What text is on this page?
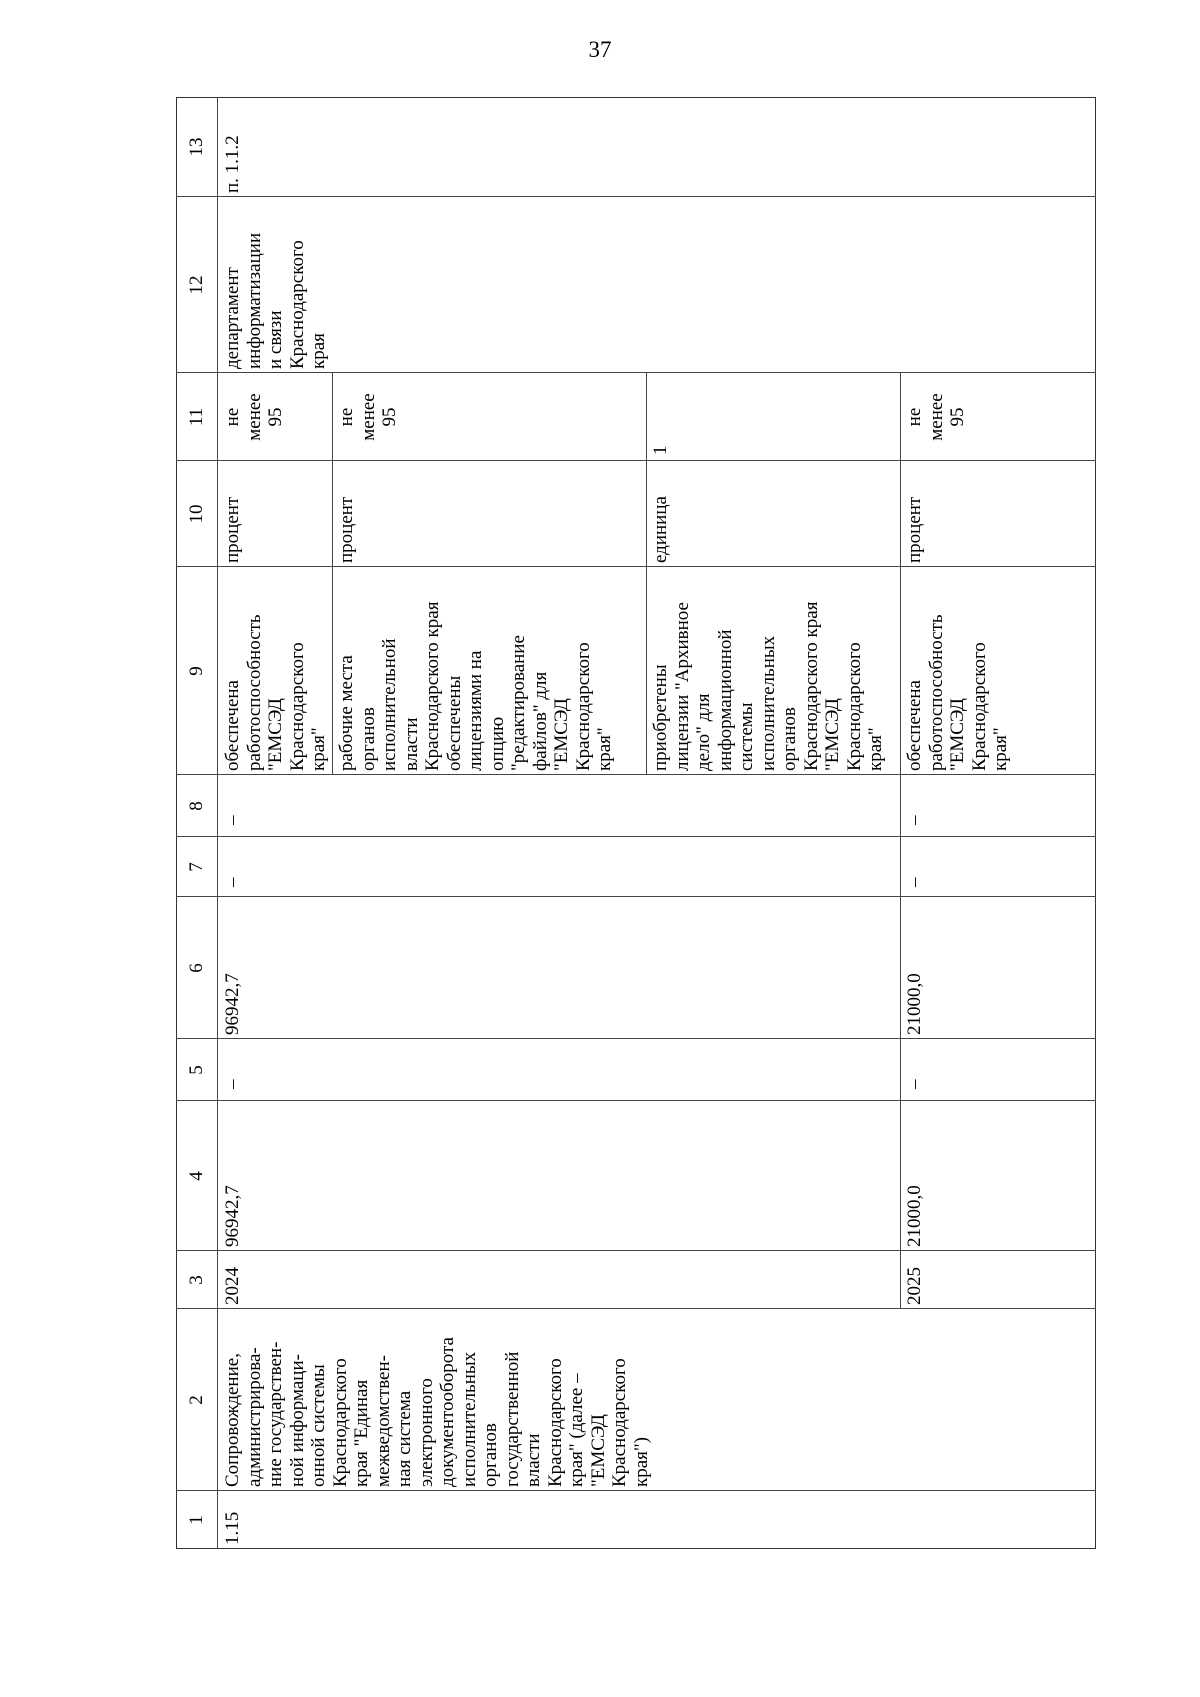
37
1
2
3
4
5
6
7
8
9
10
11
12
13
1.15
Сопровождение,
администрирова-
ние государствен-
ной информаци-
онной системы
Краснодарского
края "Единая
межведомствен-
ная система
электронного
документооборота
исполнительных
органов
государственной
власти
Краснодарского
края" (далее –
"ЕМСЭД
Краснодарского
края")
2024
96942,7
–
96942,7
–
–
обеспечена
работоспособность
"ЕМСЭД
Краснодарского
края"
процент
не
менее
95
рабочие места
органов
исполнительной
власти
Краснодарского края
обеспечены
лицензиями на
опцию
"редактирование
файлов" для
"ЕМСЭД
Краснодарского
края"
процент
не
менее
95
приобретены
лицензии "Архивное
дело" для
информационной
системы
исполнительных
органов
Краснодарского края
"ЕМСЭД
Краснодарского
края"
единица
1
2025
21000,0
–
21000,0
–
–
обеспечена
работоспособность
"ЕМСЭД
Краснодарского
края"
процент
не
менее
95
департамент
информатизации
и связи
Краснодарского
края
п. 1.1.2
